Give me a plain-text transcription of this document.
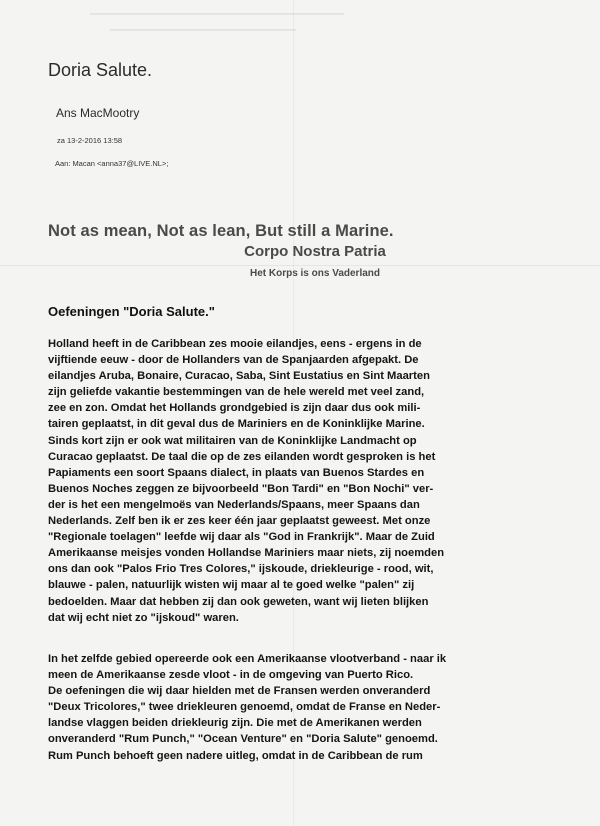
▁▁▁▁▁▁▁▁▁▁▁▁▁▁▁▁▁▁▁▁▁▁▁▁▁▁▁▁▁▁
▁▁▁▁▁▁▁▁▁▁▁▁▁▁▁▁▁▁▁▁▁▁
Doria Salute.
Ans MacMootry
za 13-2-2016 13:58
Aan: Macan <anna37@LIVE.NL>;
Not as mean, Not as lean, But still a Marine.
Corpo Nostra Patria
Het Korps is ons Vaderland
Oefeningen "Doria Salute."
Holland heeft in de Caribbean zes mooie eilandjes, eens - ergens in de
vijftiende eeuw - door de Hollanders van de Spanjaarden afgepakt. De
eilandjes Aruba, Bonaire, Curacao, Saba, Sint Eustatius en Sint Maarten
zijn geliefde vakantie bestemmingen van de hele wereld met veel zand,
zee en zon. Omdat het Hollands grondgebied is zijn daar dus ook mili-
tairen geplaatst, in dit geval dus de Mariniers en de Koninklijke Marine.
Sinds kort zijn er ook wat militairen van de Koninklijke Landmacht op
Curacao geplaatst. De taal die op de zes eilanden wordt gesproken is het
Papiaments een soort Spaans dialect, in plaats van Buenos Stardes en
Buenos Noches zeggen ze bijvoorbeeld "Bon Tardi" en "Bon Nochi" ver-
der is het een mengelmoës van Nederlands/Spaans, meer Spaans dan
Nederlands. Zelf ben ik er zes keer één jaar geplaatst geweest. Met onze
"Regionale toelagen" leefde wij daar als "God in Frankrijk". Maar de Zuid
Amerikaanse meisjes vonden Hollandse Mariniers maar niets, zij noemden
ons dan ook "Palos Frio Tres Colores," ijskoude, driekleurige - rood, wit,
blauwe - palen, natuurlijk wisten wij maar al te goed welke "palen" zij
bedoelden. Maar dat hebben zij dan ook geweten, want wij lieten blijken
dat wij echt niet zo "ijskoud" waren.
In het zelfde gebied opereerde ook een Amerikaanse vlootverband - naar ik
meen de Amerikaanse zesde vloot - in de omgeving van Puerto Rico.
De oefeningen die wij daar hielden met de Fransen werden onveranderd
"Deux Tricolores," twee driekleuren genoemd, omdat de Franse en Neder-
landse vlaggen beiden driekleurig zijn. Die met de Amerikanen werden
onveranderd "Rum Punch," "Ocean Venture" en "Doria Salute" genoemd.
Rum Punch behoeft geen nadere uitleg, omdat in de Caribbean de rum
